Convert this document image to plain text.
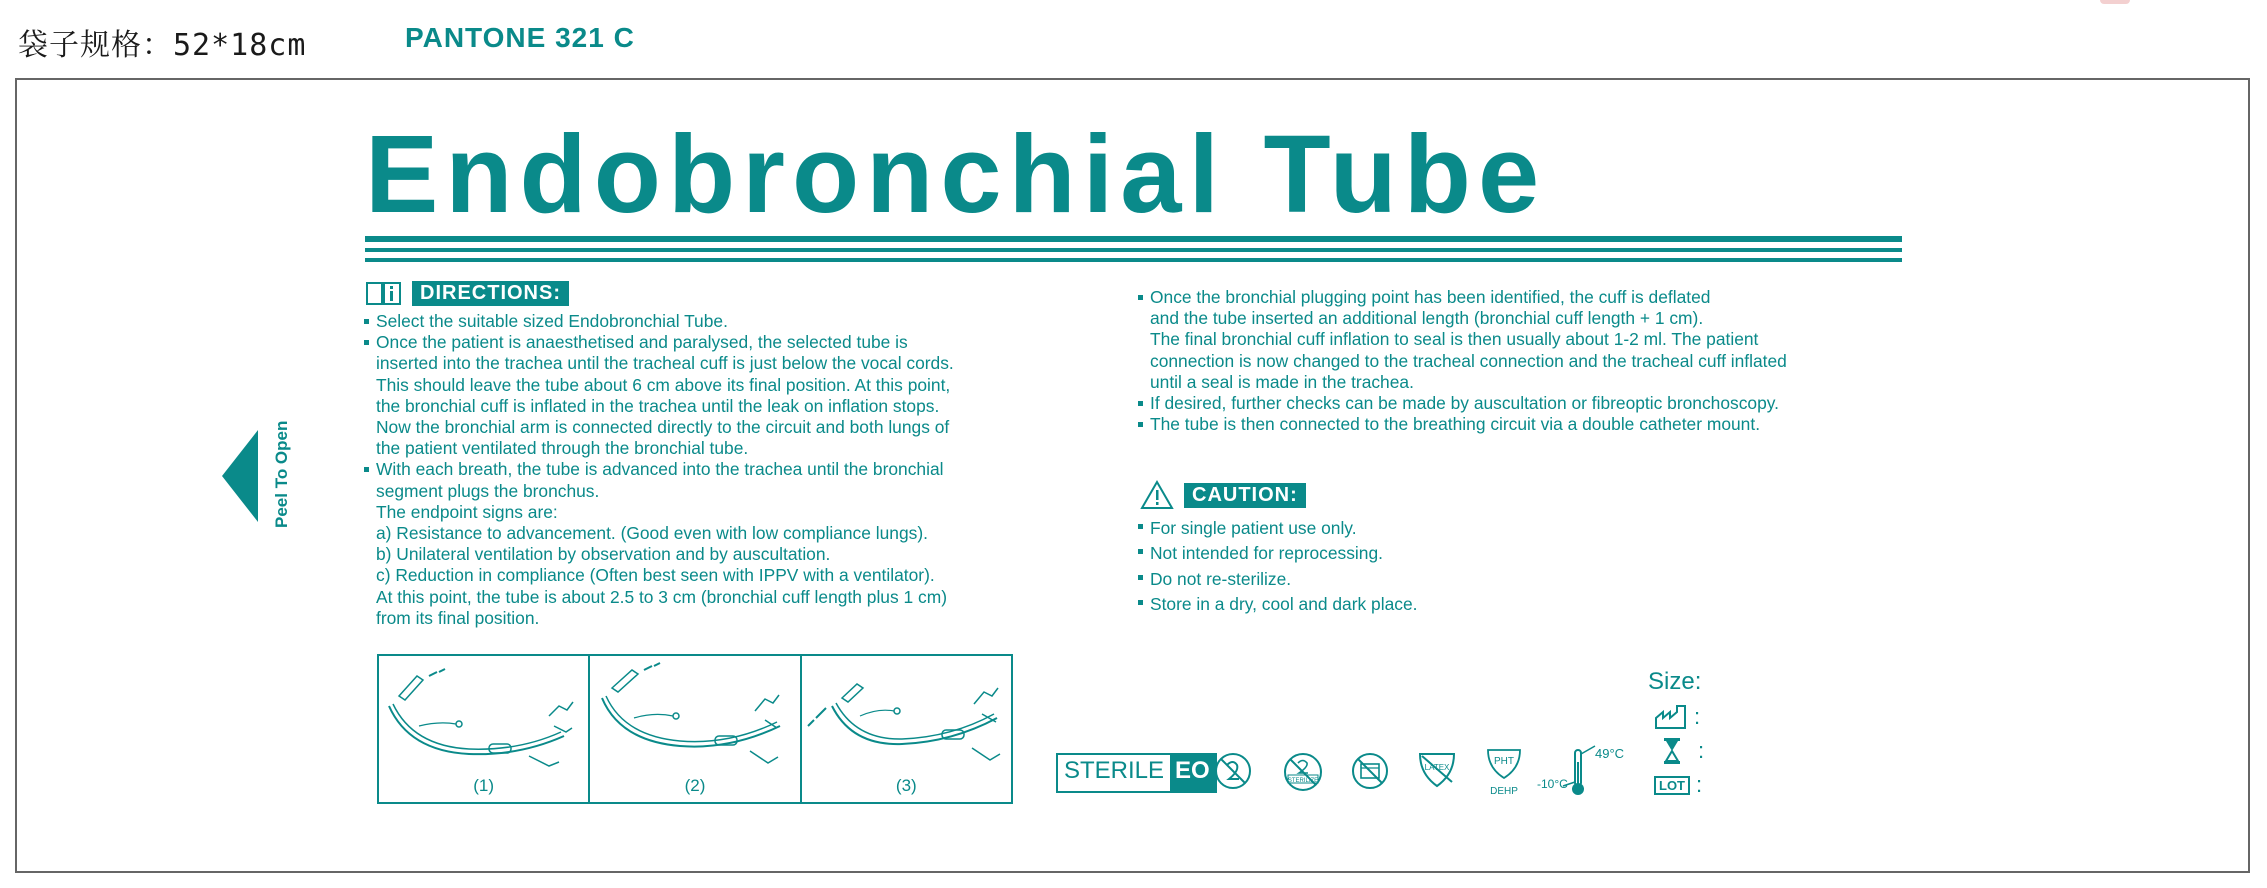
袋子规格：52*18cm	PANTONE 321 C
Endobronchial Tube
Peel To Open
DIRECTIONS:
Select the suitable sized Endobronchial Tube.
Once the patient is anaesthetised and paralysed, the selected tube is
inserted into the trachea until the tracheal cuff is just below the vocal cords.
This should leave the tube about 6 cm above its final position. At this point,
the bronchial cuff is inflated in the trachea until the leak on inflation stops.
Now the bronchial arm is connected directly to the circuit and both lungs of
the patient ventilated through the bronchial tube.
With each breath, the tube is advanced into the trachea until the bronchial
segment plugs the bronchus.
The endpoint signs are:
a) Resistance to advancement. (Good even with low compliance lungs).
b) Unilateral ventilation by observation and by auscultation.
c) Reduction in compliance (Often best seen with IPPV with a ventilator).
At this point, the tube is about 2.5 to 3 cm (bronchial cuff length plus 1 cm)
from its final position.
Once the bronchial plugging point has been identified, the cuff is deflated
and the tube inserted an additional length (bronchial cuff length + 1 cm).
The final bronchial cuff inflation to seal is then usually about 1-2 ml. The patient
connection is now changed to the tracheal connection and the tracheal cuff inflated
until a seal is made in the trachea.
If desired, further checks can be made by auscultation or fibreoptic bronchoscopy.
The tube is then connected to the breathing circuit via a double catheter mount.
CAUTION:
For single patient use only.
Not intended for reprocessing.
Do not re-sterilize.
Store in a dry, cool and dark place.
(1)	(2)	(3)
STERILE EO	STERILIZE
LATEX
PHT
DEHP
49°C
-10°C
Size:
:
:
LOT :
